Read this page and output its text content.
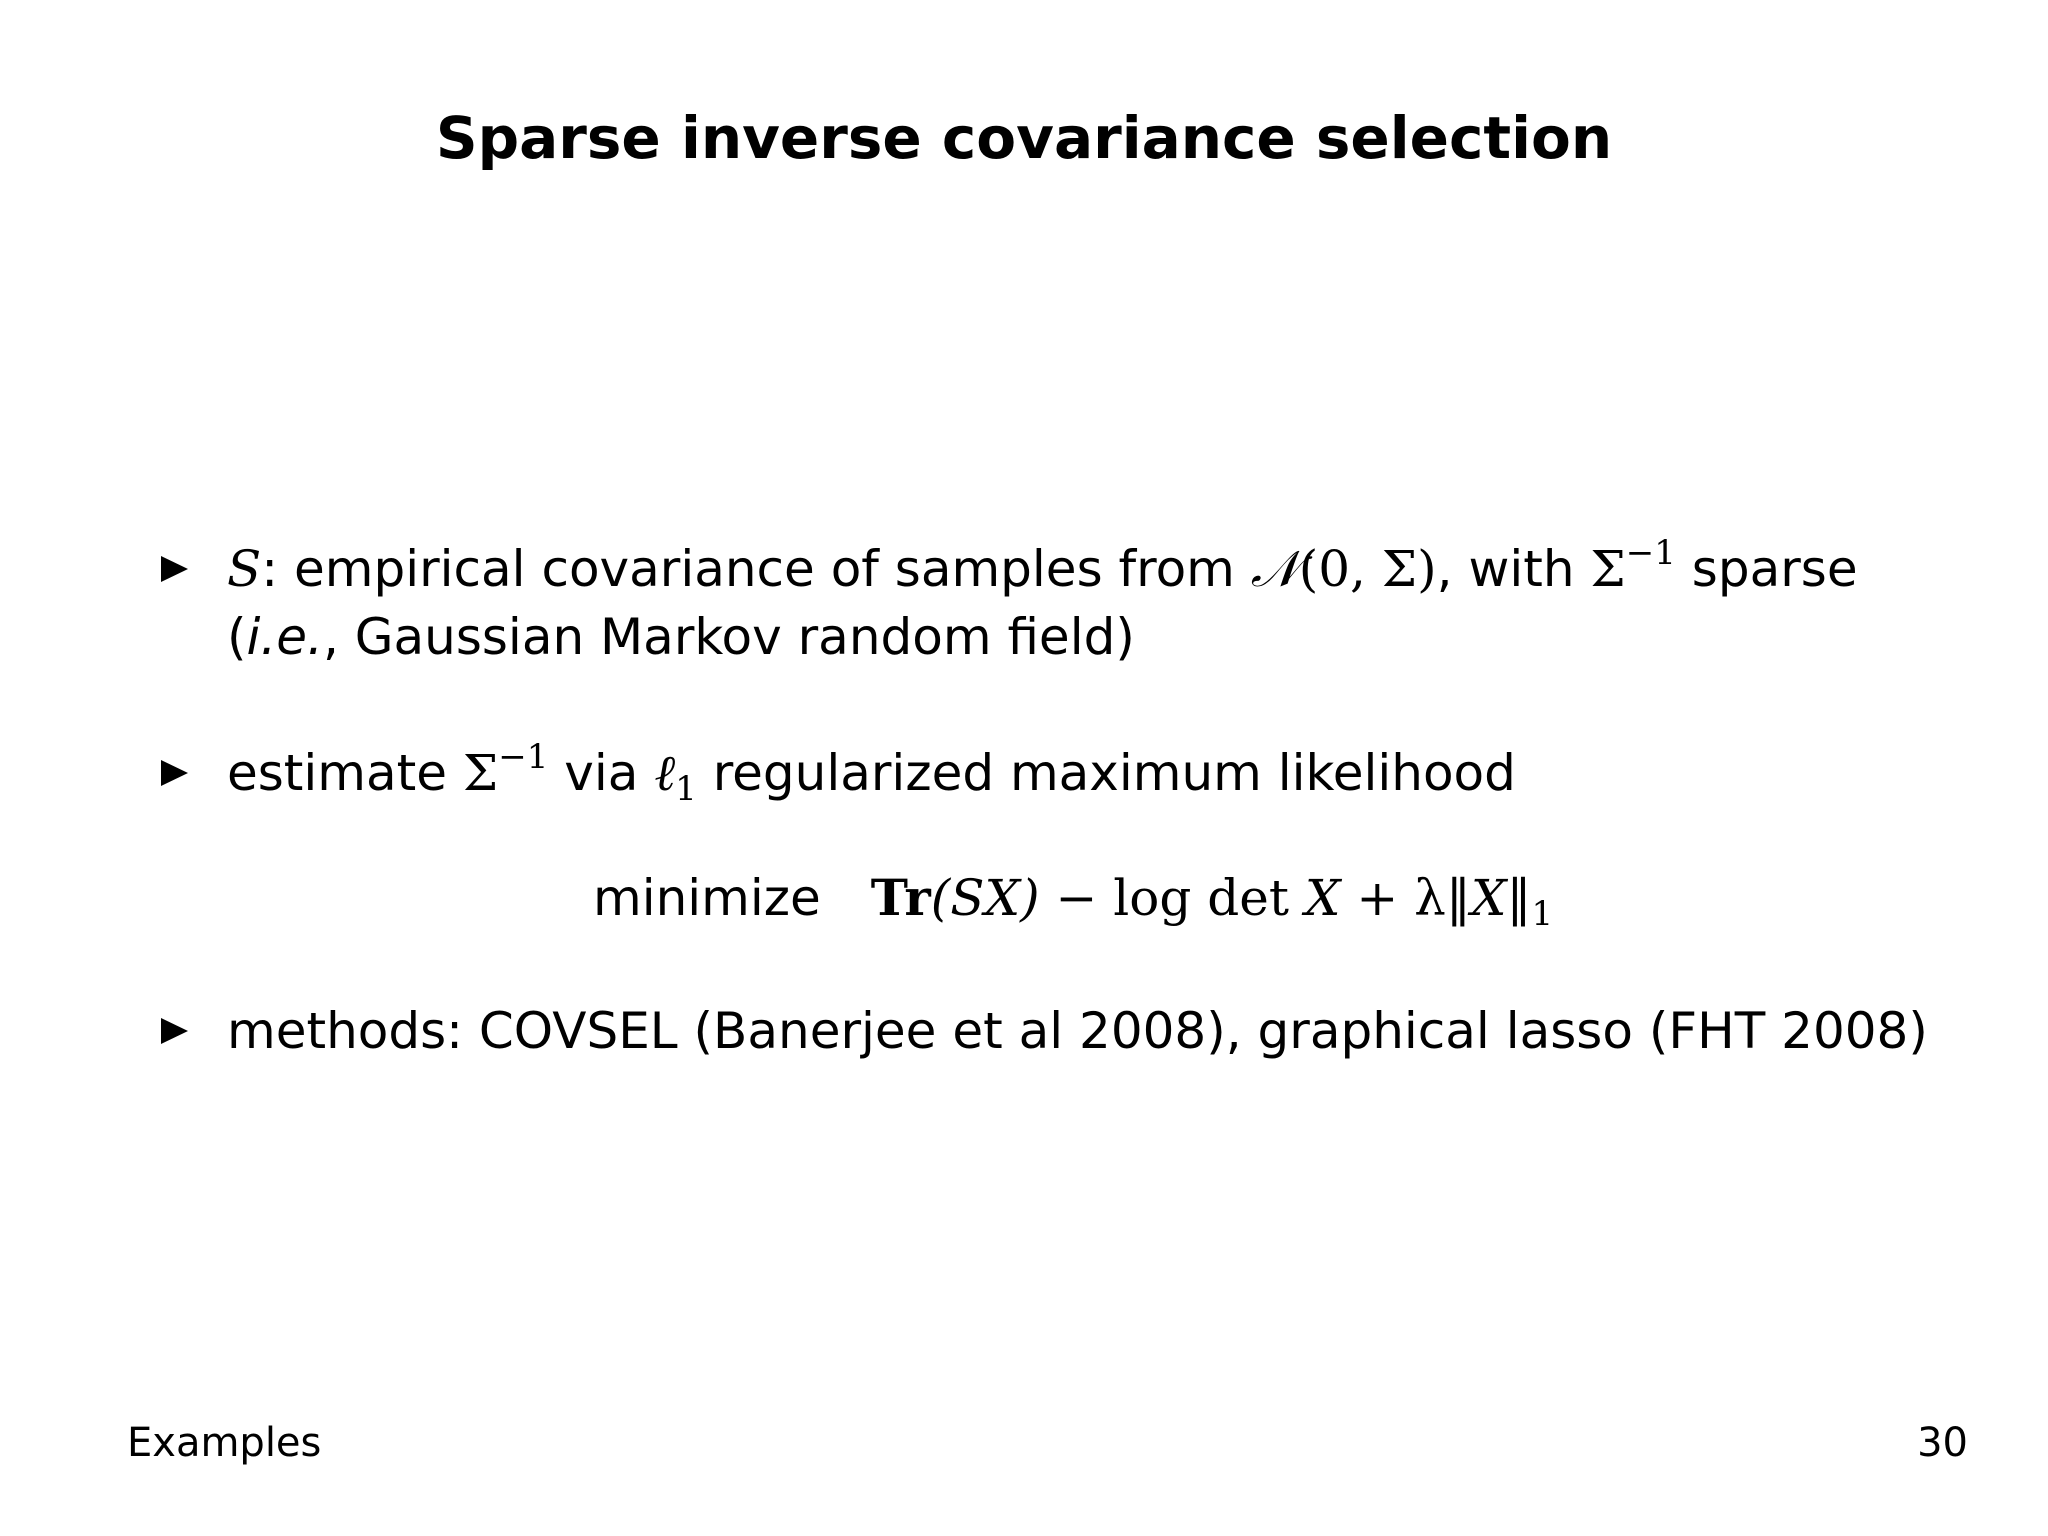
Sparse inverse covariance selection
S: empirical covariance of samples from 𝒩(0, Σ), with $\Sigma^{-1}$ sparse
(i.e., Gaussian Markov random field)
estimate $\Sigma^{-1}$ via ℓ$_1$ regularized maximum likelihood
minimize $Tr(SX) - \log \det X + \lambda‖X‖_1$
methods: COVSEL (Banerjee et al 2008), graphical lasso (FHT 2008)
Examples	30
